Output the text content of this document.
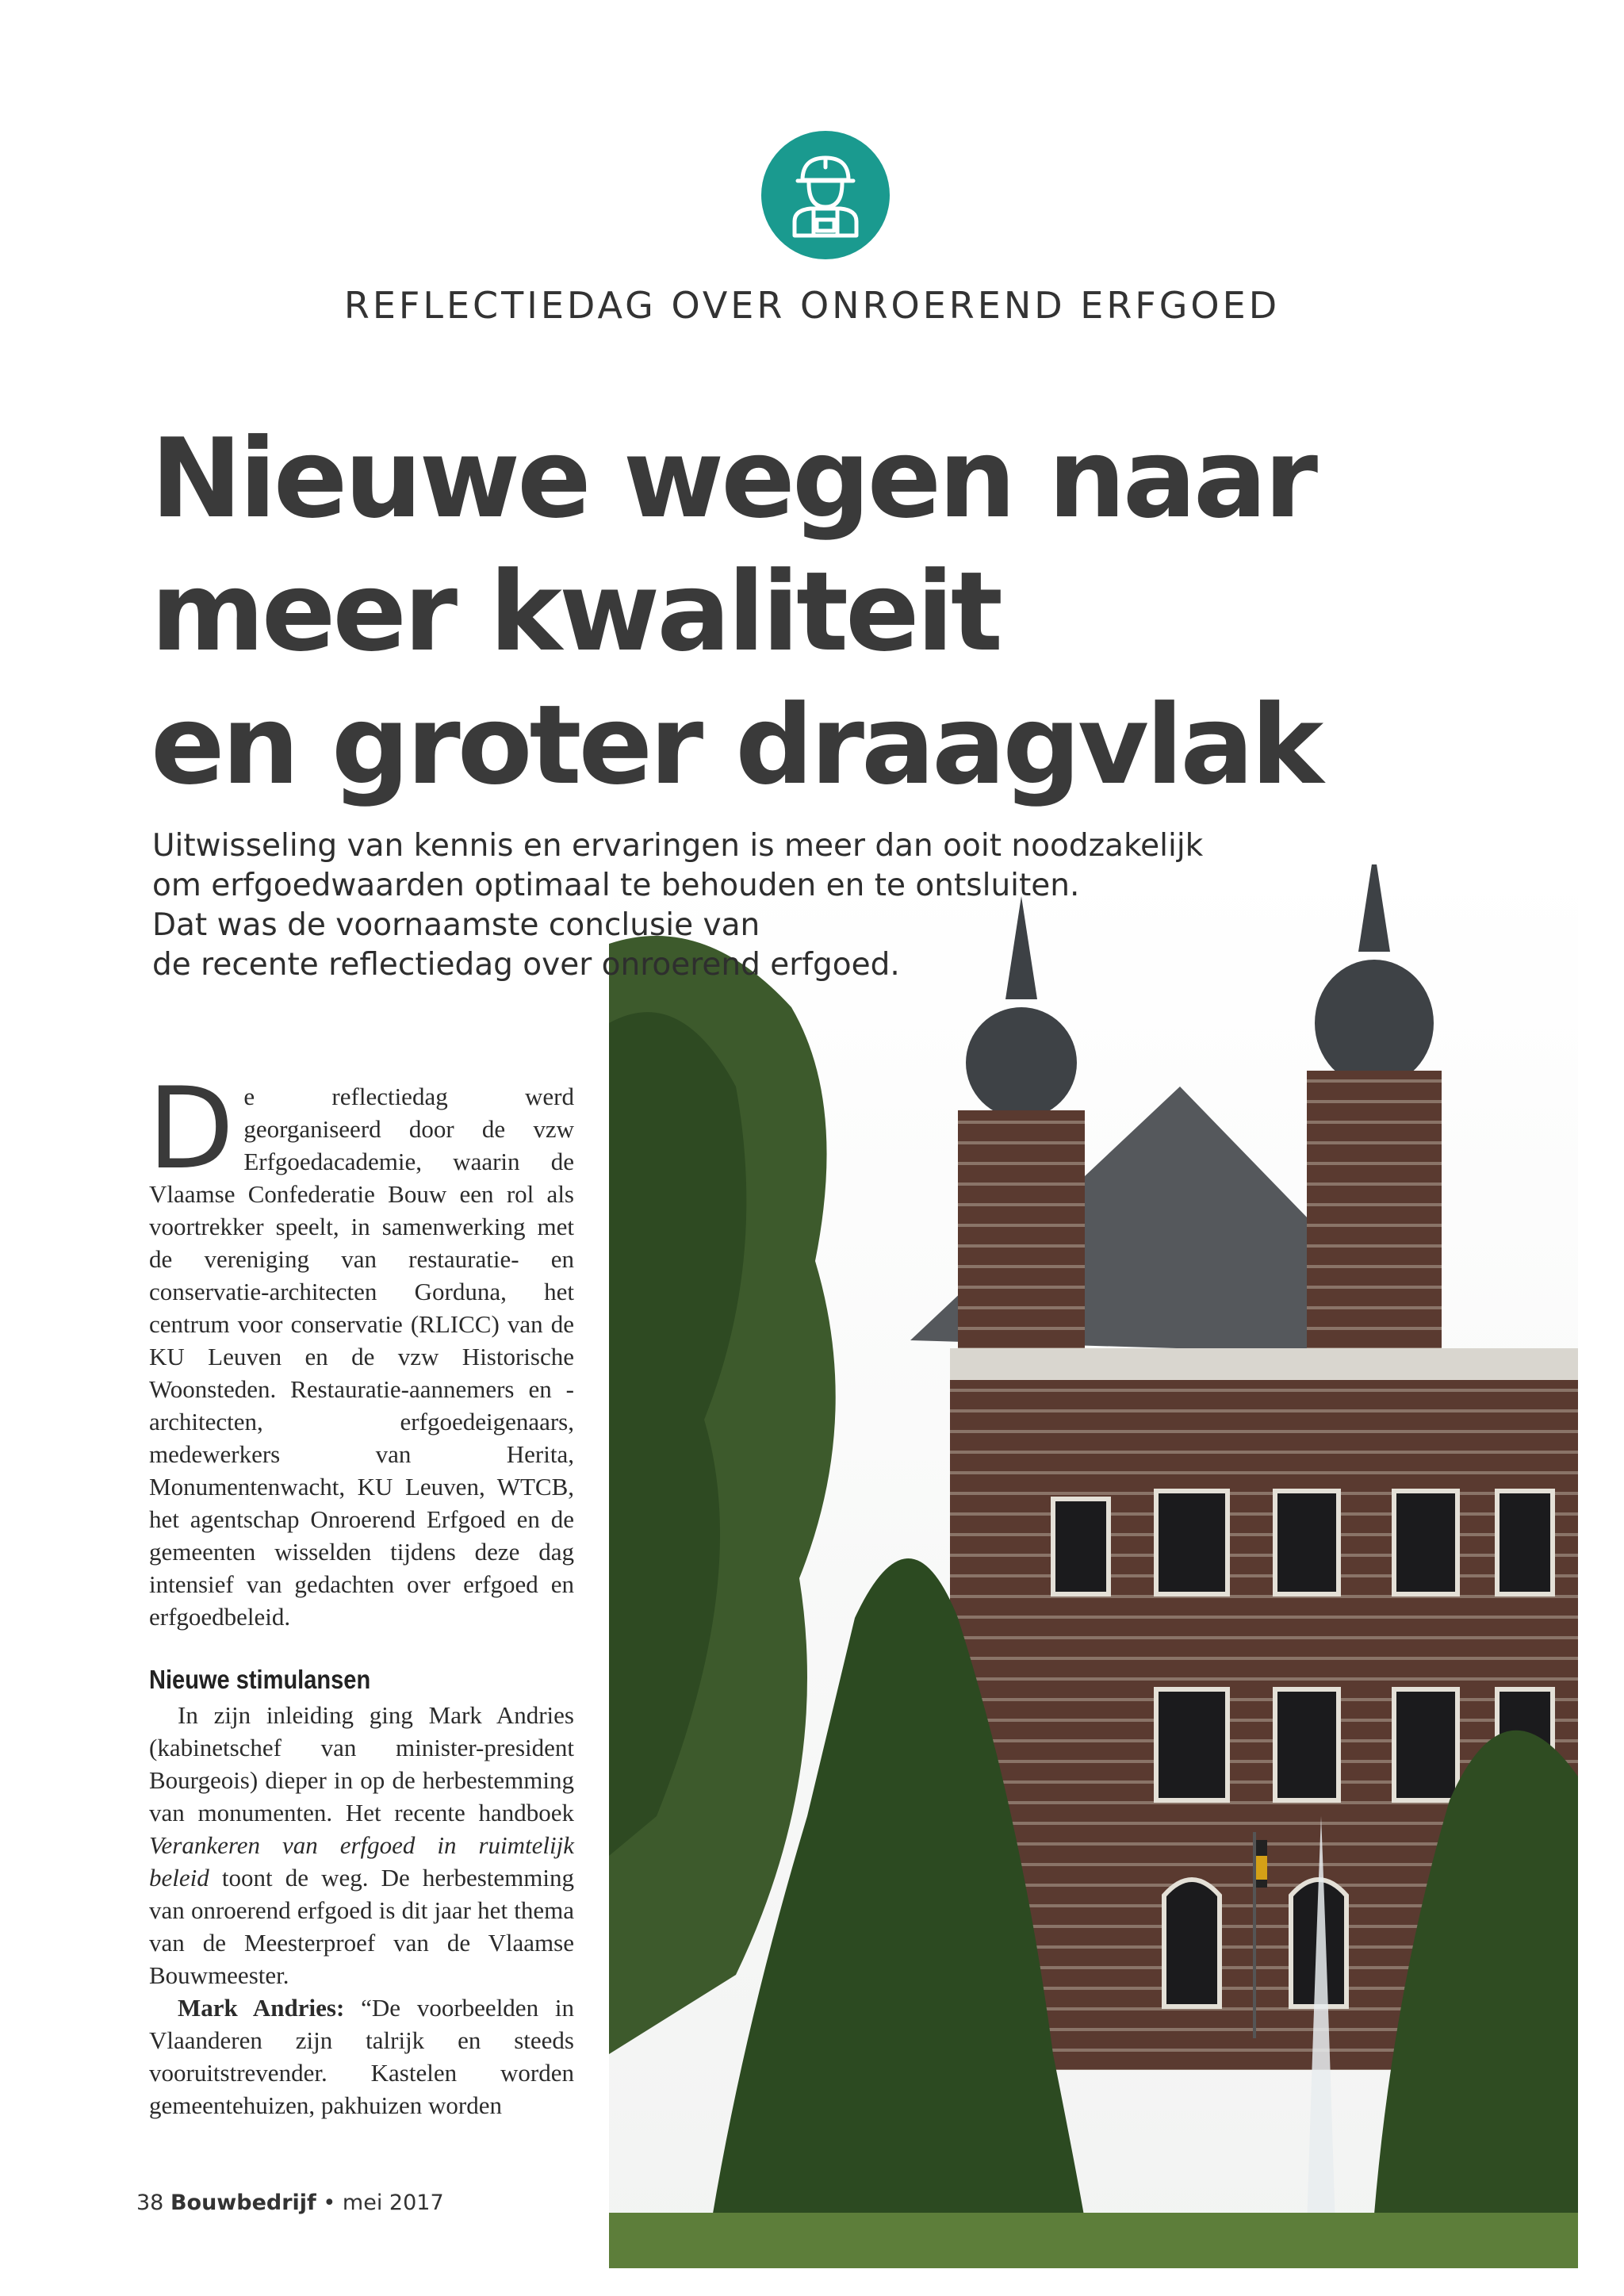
REFLECTIEDAG OVER ONROEREND ERFGOED
Nieuwe wegen naar
meer kwaliteit
en groter draagvlak
Uitwisseling van kennis en ervaringen is meer dan ooit noodzakelijk
om erfgoedwaarden optimaal te behouden en te ontsluiten.
Dat was de voornaamste conclusie van
de recente reflectiedag over onroerend erfgoed.

De reflectiedag werd georganiseerd door de vzw Erfgoedacademie, waarin de Vlaamse Confederatie Bouw een rol als voortrekker speelt, in samenwerking met de vereniging van restauratie- en conservatie-architecten Gorduna, het centrum voor conservatie (RLICC) van de KU Leuven en de vzw Historische Woonsteden. Restauratie-aannemers en -architecten, erfgoedeigenaars, medewerkers van Herita, Monumentenwacht, KU Leuven, WTCB, het agentschap Onroerend Erfgoed en de gemeenten wisselden tijdens deze dag intensief van gedachten over erfgoed en erfgoedbeleid.

Nieuwe stimulansen

In zijn inleiding ging Mark Andries (kabinetschef van minister-president Bourgeois) dieper in op de herbestemming van monumenten. Het recente handboek Verankeren van erfgoed in ruimtelijk beleid toont de weg. De herbestemming van onroerend erfgoed is dit jaar het thema van de Meesterproef van de Vlaamse Bouwmeester.

Mark Andries: “De voorbeelden in Vlaanderen zijn talrijk en steeds vooruitstrevender. Kastelen worden gemeentehuizen, pakhuizen worden

38 Bouwbedrijf • mei 2017
